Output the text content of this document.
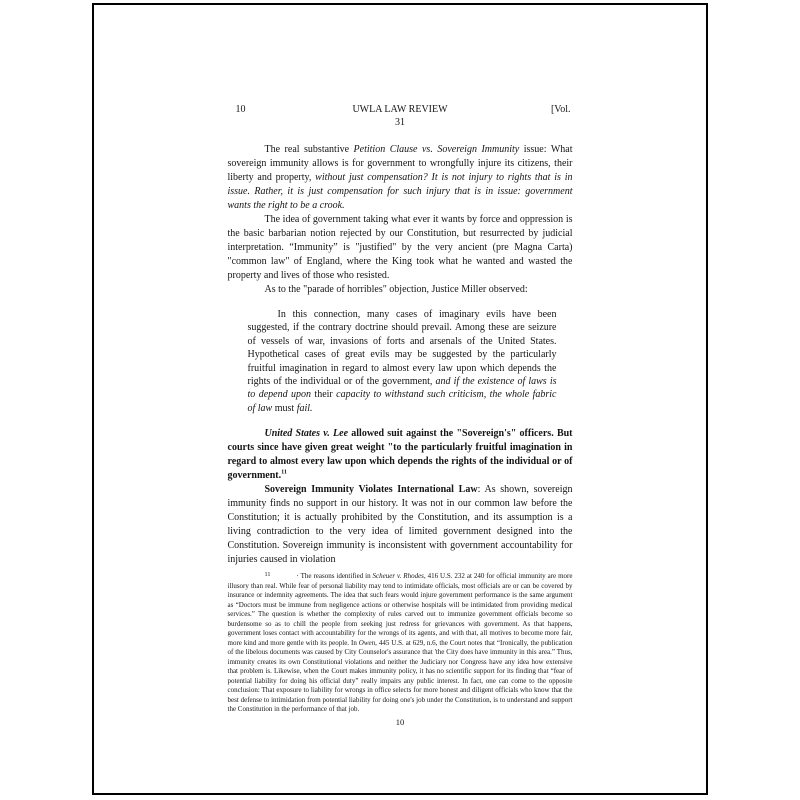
10	UWLA LAW REVIEW	[Vol.
31

The real substantive Petition Clause vs. Sovereign Immunity issue: What sovereign immunity allows is for government to wrongfully injure its citizens, their liberty and property, without just compensation? It is not injury to rights that is in issue. Rather, it is just compensation for such injury that is in issue: government wants the right to be a crook.

The idea of government taking what ever it wants by force and oppression is the basic barbarian notion rejected by our Constitution, but resurrected by judicial interpretation. “Immunity” is "justified" by the very ancient (pre Magna Carta) "common law" of England, where the King took what he wanted and wasted the property and lives of those who resisted.

As to the "parade of horribles" objection, Justice Miller observed:

In this connection, many cases of imaginary evils have been suggested, if the contrary doctrine should prevail. Among these are seizure of vessels of war, invasions of forts and arsenals of the United States. Hypothetical cases of great evils may be suggested by the particularly fruitful imagination in regard to almost every law upon which depends the rights of the individual or of the government, and if the existence of laws is to depend upon their capacity to withstand such criticism, the whole fabric of law must fail.

United States v. Lee allowed suit against the "Sovereign's" officers. But courts since have given great weight "to the particularly fruitful imagination in regard to almost every law upon which depends the rights of the individual or of government.$^{11}$

Sovereign Immunity Violates International Law: As shown, sovereign immunity finds no support in our history. It was not in our common law before the Constitution; it is actually prohibited by the Constitution, and its assumption is a living contradiction to the very idea of limited government designed into the Constitution. Sovereign immunity is inconsistent with government accountability for injuries caused in violation

11	· The reasons identified in Scheuer v. Rhodes, 416 U.S. 232 at 240 for official immunity are more illusory than real. While fear of personal liability may tend to intimidate officials, most officials are or can be covered by insurance or indemnity agreements. The idea that such fears would injure government performance is the same argument as “Doctors must be immune from negligence actions or otherwise hospitals will be intimidated from providing medical services.” The question is whether the complexity of rules carved out to immunize government officials become so burdensome so as to chill the people from seeking just redress for grievances with government. As that happens, government loses contact with accountability for the wrongs of its agents, and with that, all motives to become more fair, more kind and more gentle with its people. In Owen, 445 U.S. at 629, n.6, the Court notes that “Ironically, the publication of the libelous documents was caused by City Counselor's assurance that 'the City does have immunity in this area.” Thus, immunity creates its own Constitutional violations and neither the Judiciary nor Congress have any idea how extensive that problem is. Likewise, when the Court makes immunity policy, it has no scientific support for its finding that “fear of potential liability for doing his official duty” really impairs any public interest. In fact, one can come to the opposite conclusion: That exposure to liability for wrongs in office selects for more honest and diligent officials who know that the best defense to intimidation from potential liability for doing one's job under the Constitution, is to understand and support the Constitution in the performance of that job.

10
